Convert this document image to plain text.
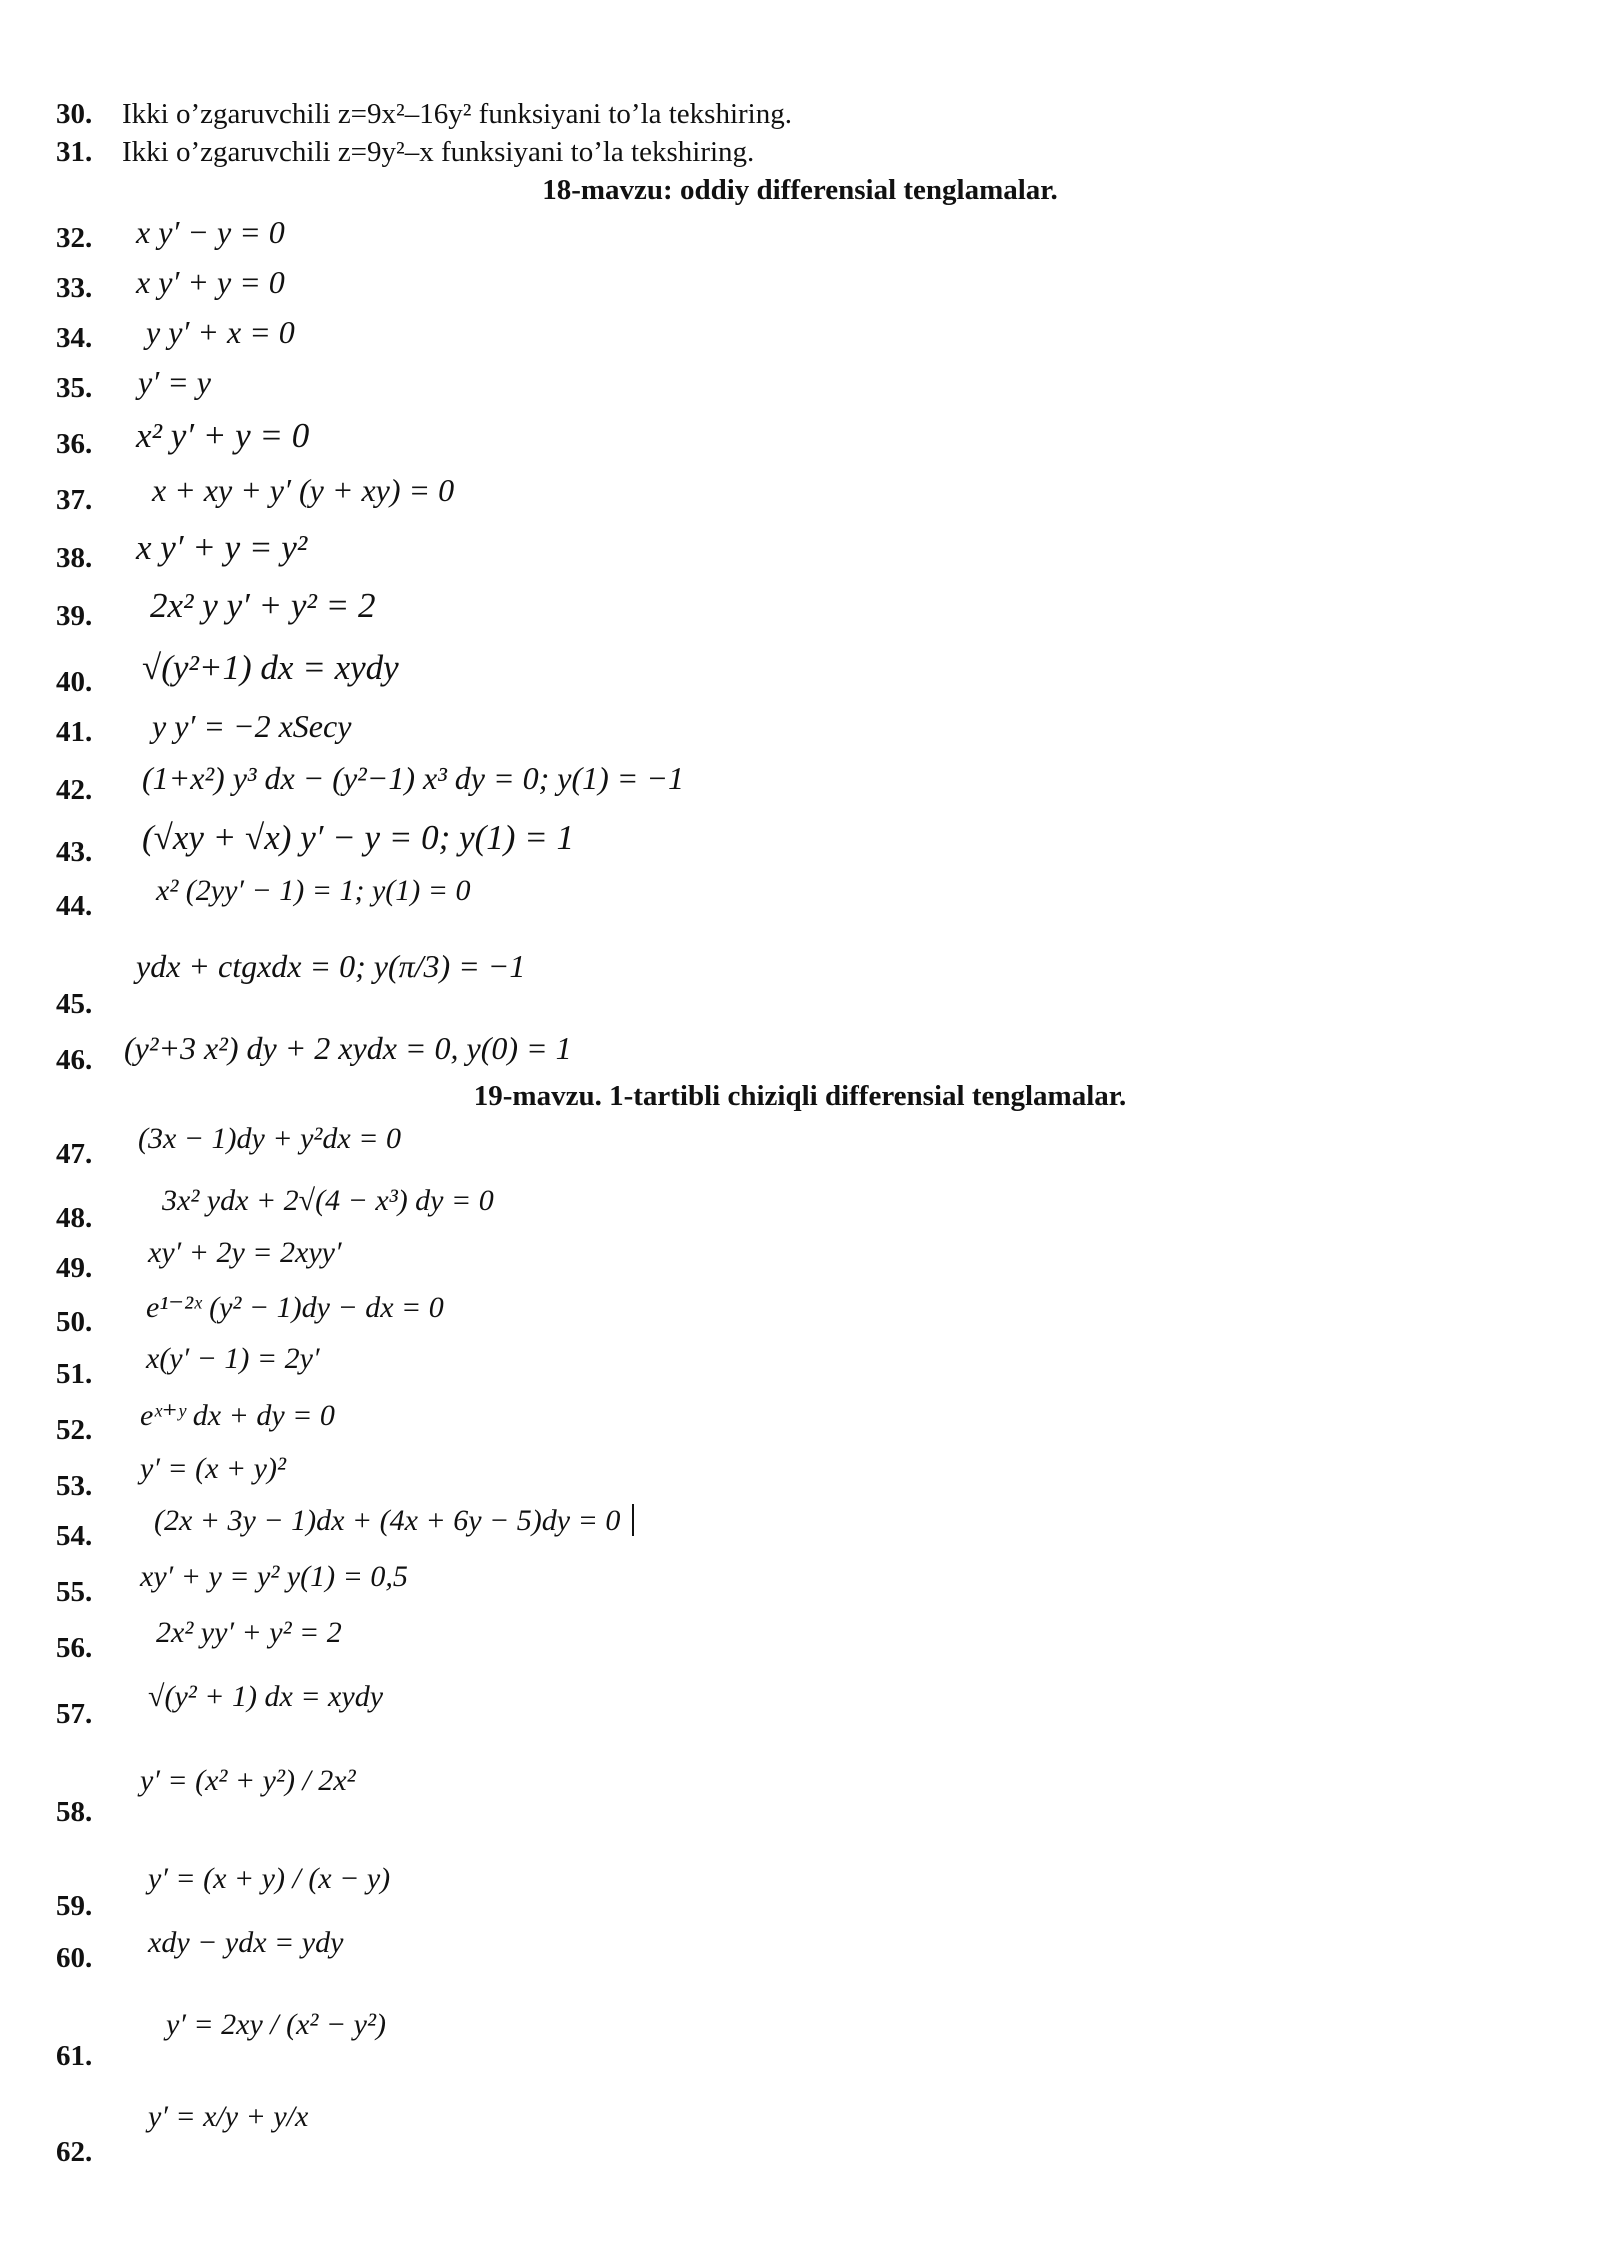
30. Ikki o’zgaruvchili z=9x²–16y² funksiyani to’la tekshiring.
31. Ikki o’zgaruvchili z=9y²–x funksiyani to’la tekshiring.
18-mavzu: oddiy differensial tenglamalar.
32.
33.
34.
35.
36.
37.
38.
39.
40.
41.
42.
43.
44.
45.
46.
19-mavzu. 1-tartibli chiziqli differensial tenglamalar.
47.
48.
49.
50.
51.
52.
53.
54.
55.
56.
57.
58.
59.
60.
61.
62.
x y′ − y = 0
x y′ + y = 0
y y′ + x = 0
y′ = y
x² y′ + y = 0
x + xy + y′ (y + xy) = 0
x y′ + y = y²
2x² y y′ + y² = 2
√(y²+1) dx = xydy
y y′ = −2 xSecy
(1+x²) y³ dx − (y²−1) x³ dy = 0; y(1) = −1
(√xy + √x) y′ − y = 0; y(1) = 1
x² (2yy′ − 1) = 1; y(1) = 0
ydx + ctgxdx = 0; y(π/3) = −1
(y²+3 x²) dy + 2 xydx = 0, y(0) = 1
(3x − 1)dy + y²dx = 0
3x² ydx + 2√(4 − x³) dy = 0
xy′ + 2y = 2xyy′
e¹⁻²ˣ (y² − 1)dy − dx = 0
x(y′ − 1) = 2y′
eˣ⁺ʸ dx + dy = 0
y′ = (x + y)²
(2x + 3y − 1)dx + (4x + 6y − 5)dy = 0
xy′ + y = y² y(1) = 0,5
2x² yy′ + y² = 2
√(y² + 1) dx = xydy
y′ = (x² + y²) / 2x²
y′ = (x + y) / (x − y)
xdy − ydx = ydy
y′ = 2xy / (x² − y²)
y′ = x/y + y/x
